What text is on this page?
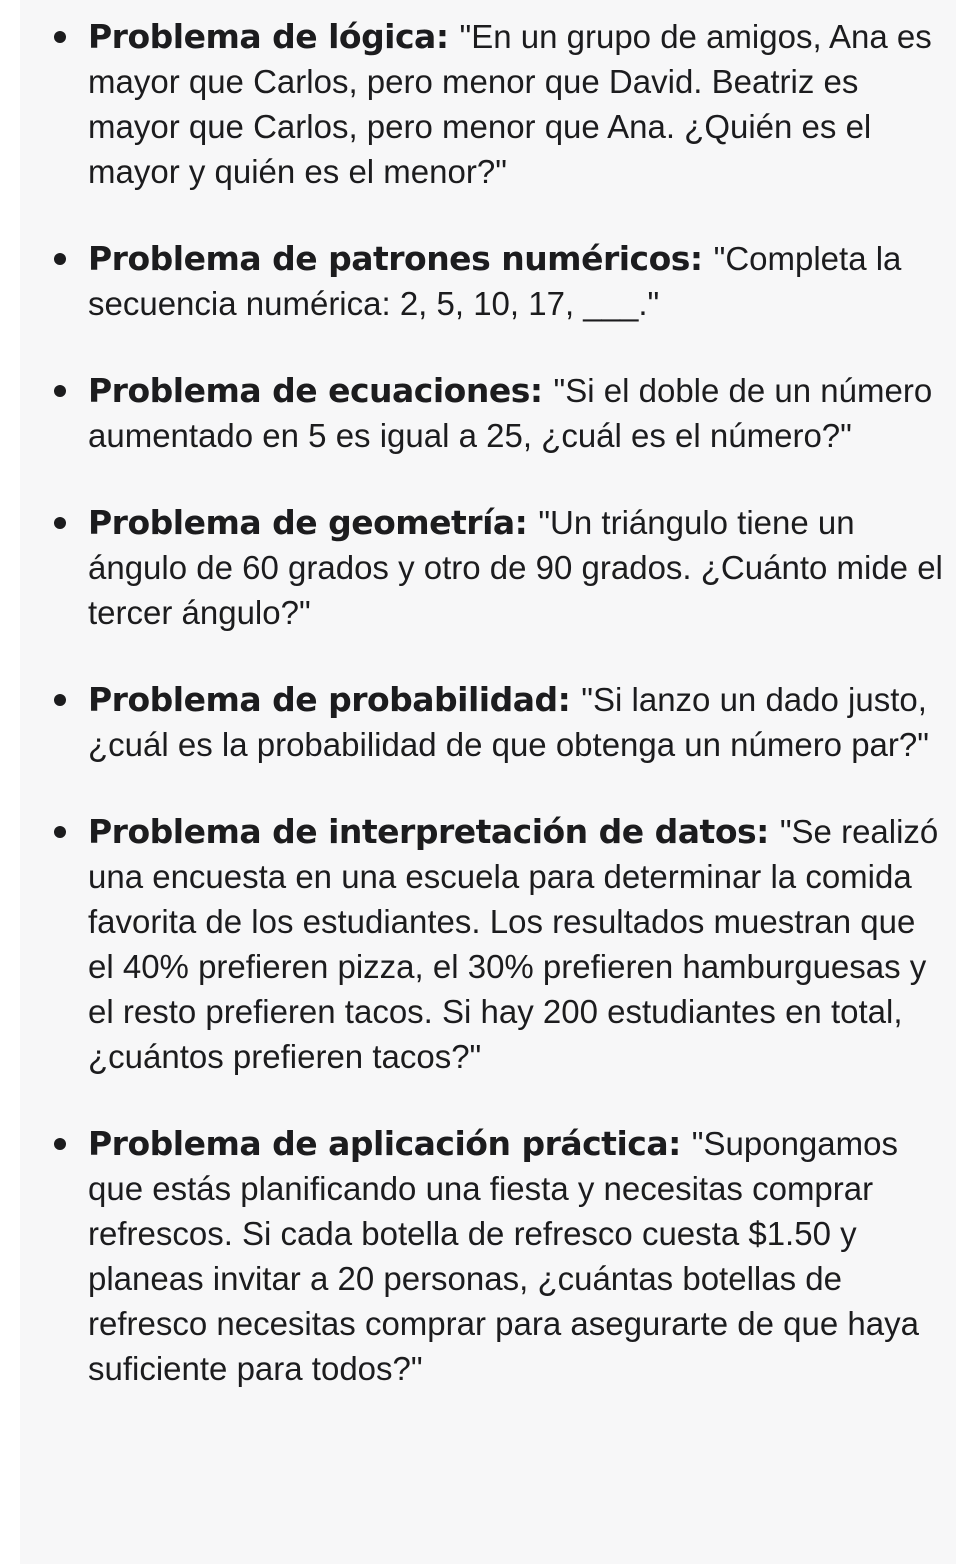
Problema de lógica: "En un grupo de amigos, Ana es mayor que Carlos, pero menor que David. Beatriz es mayor que Carlos, pero menor que Ana. ¿Quién es el mayor y quién es el menor?"
Problema de patrones numéricos: "Completa la secuencia numérica: 2, 5, 10, 17, ___."
Problema de ecuaciones: "Si el doble de un número aumentado en 5 es igual a 25, ¿cuál es el número?"
Problema de geometría: "Un triángulo tiene un ángulo de 60 grados y otro de 90 grados. ¿Cuánto mide el tercer ángulo?"
Problema de probabilidad: "Si lanzo un dado justo, ¿cuál es la probabilidad de que obtenga un número par?"
Problema de interpretación de datos: "Se realizó una encuesta en una escuela para determinar la comida favorita de los estudiantes. Los resultados muestran que el 40% prefieren pizza, el 30% prefieren hamburguesas y el resto prefieren tacos. Si hay 200 estudiantes en total, ¿cuántos prefieren tacos?"
Problema de aplicación práctica: "Supongamos que estás planificando una fiesta y necesitas comprar refrescos. Si cada botella de refresco cuesta $1.50 y planeas invitar a 20 personas, ¿cuántas botellas de refresco necesitas comprar para asegurarte de que haya suficiente para todos?"
